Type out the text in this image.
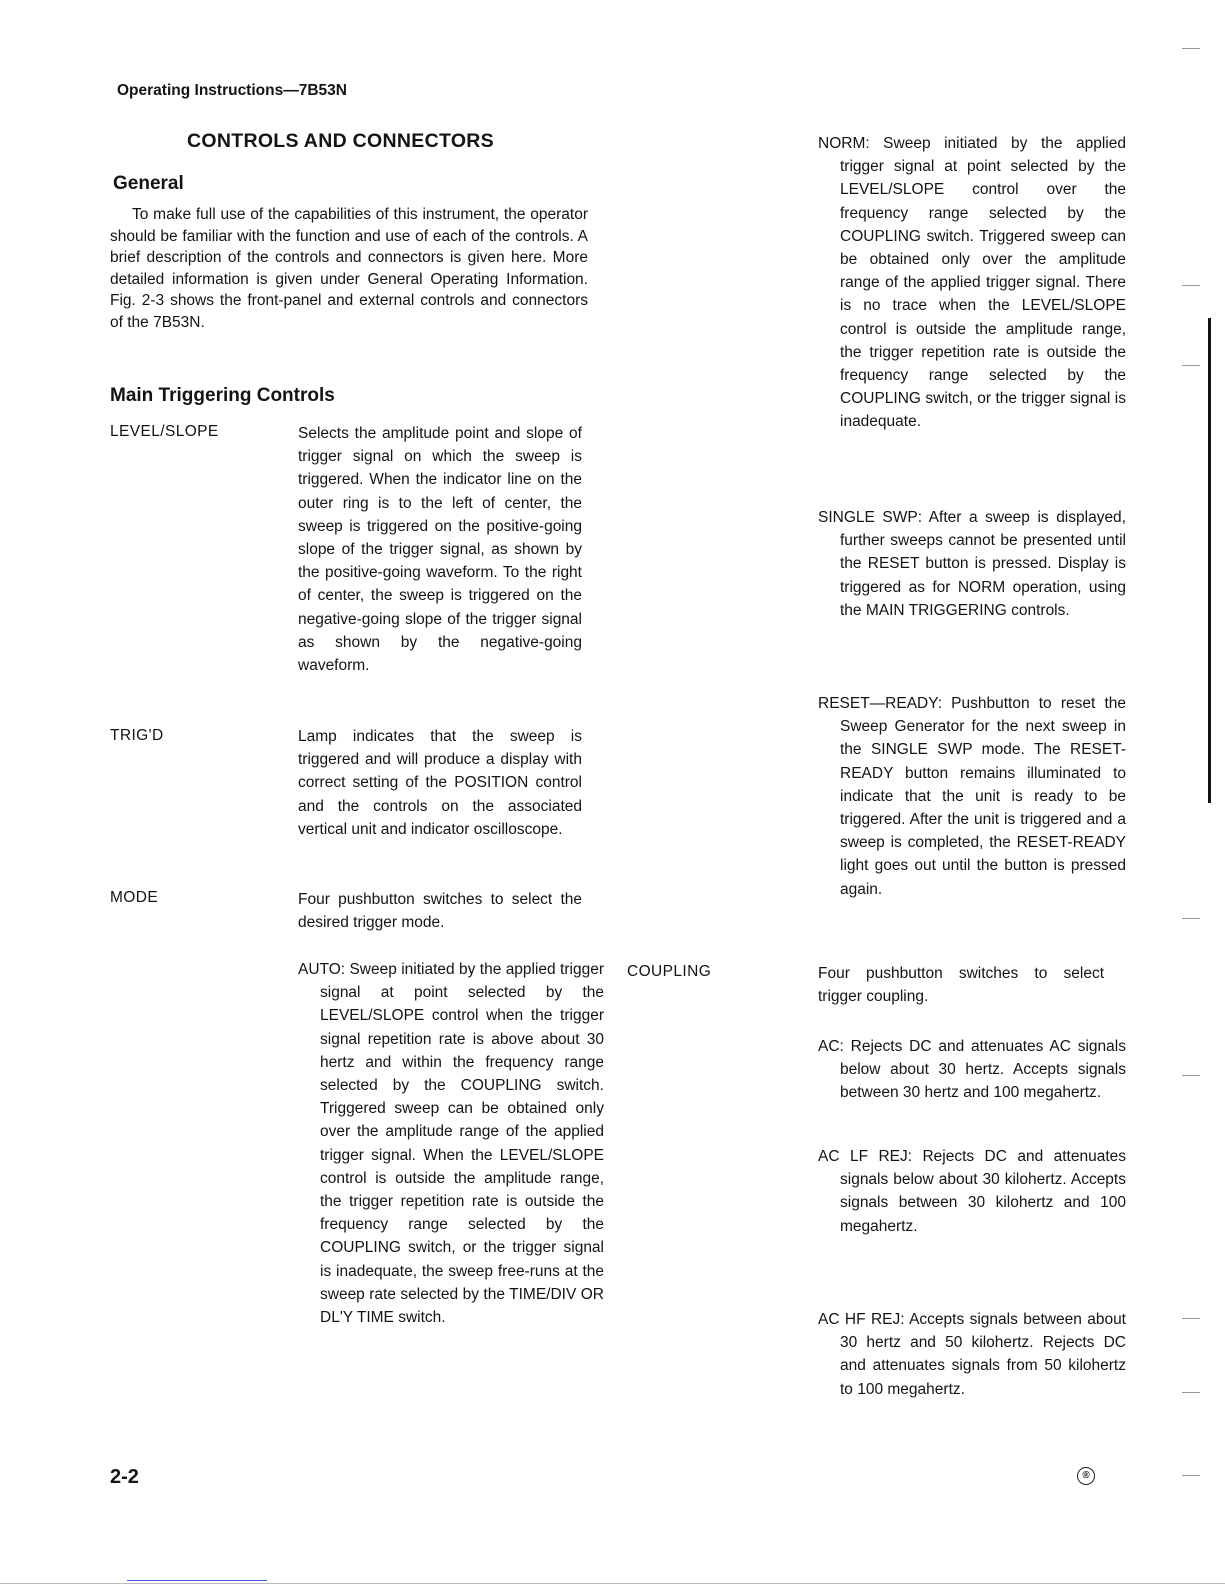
Operating Instructions—7B53N
CONTROLS AND CONNECTORS
General
To make full use of the capabilities of this instrument, the operator should be familiar with the function and use of each of the controls. A brief description of the controls and connectors is given here. More detailed information is given under General Operating Information. Fig. 2-3 shows the front-panel and external controls and connectors of the 7B53N.
Main Triggering Controls
LEVEL/SLOPE	Selects the amplitude point and slope of trigger signal on which the sweep is triggered. When the indicator line on the outer ring is to the left of center, the sweep is triggered on the positive-going slope of the trigger signal, as shown by the positive-going waveform. To the right of center, the sweep is triggered on the negative-going slope of the trigger signal as shown by the negative-going waveform.
TRIG'D	Lamp indicates that the sweep is triggered and will produce a display with correct setting of the POSITION control and the controls on the associated vertical unit and indicator oscilloscope.
MODE	Four pushbutton switches to select the desired trigger mode.
AUTO: Sweep initiated by the applied trigger signal at point selected by the LEVEL/SLOPE control when the trigger signal repetition rate is above about 30 hertz and within the frequency range selected by the COUPLING switch. Triggered sweep can be obtained only over the amplitude range of the applied trigger signal. When the LEVEL/SLOPE control is outside the amplitude range, the trigger repetition rate is outside the frequency range selected by the COUPLING switch, or the trigger signal is inadequate, the sweep free-runs at the sweep rate selected by the TIME/DIV OR DL'Y TIME switch.
NORM: Sweep initiated by the applied trigger signal at point selected by the LEVEL/SLOPE control over the frequency range selected by the COUPLING switch. Triggered sweep can be obtained only over the amplitude range of the applied trigger signal. There is no trace when the LEVEL/SLOPE control is outside the amplitude range, the trigger repetition rate is outside the frequency range selected by the COUPLING switch, or the trigger signal is inadequate.
SINGLE SWP: After a sweep is displayed, further sweeps cannot be presented until the RESET button is pressed. Display is triggered as for NORM operation, using the MAIN TRIGGERING controls.
RESET—READY: Pushbutton to reset the Sweep Generator for the next sweep in the SINGLE SWP mode. The RESET-READY button remains illuminated to indicate that the unit is ready to be triggered. After the unit is triggered and a sweep is completed, the RESET-READY light goes out until the button is pressed again.
COUPLING	Four pushbutton switches to select trigger coupling.
AC: Rejects DC and attenuates AC signals below about 30 hertz. Accepts signals between 30 hertz and 100 megahertz.
AC LF REJ: Rejects DC and attenuates signals below about 30 kilohertz. Accepts signals between 30 kilohertz and 100 megahertz.
AC HF REJ: Accepts signals between about 30 hertz and 50 kilohertz. Rejects DC and attenuates signals from 50 kilohertz to 100 megahertz.
2-2	®
